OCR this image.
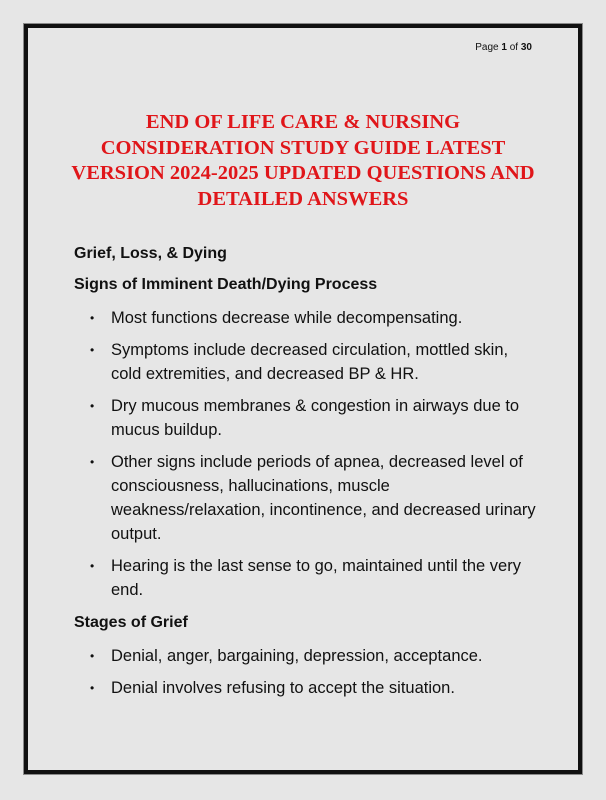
Page 1 of 30
END OF LIFE CARE & NURSING CONSIDERATION STUDY GUIDE LATEST VERSION 2024-2025 UPDATED QUESTIONS AND DETAILED ANSWERS
Grief, Loss, & Dying
Signs of Imminent Death/Dying Process
• Most functions decrease while decompensating.
• Symptoms include decreased circulation, mottled skin, cold extremities, and decreased BP & HR.
• Dry mucous membranes & congestion in airways due to mucus buildup.
• Other signs include periods of apnea, decreased level of consciousness, hallucinations, muscle weakness/relaxation, incontinence, and decreased urinary output.
• Hearing is the last sense to go, maintained until the very end.
Stages of Grief
• Denial, anger, bargaining, depression, acceptance.
• Denial involves refusing to accept the situation.
